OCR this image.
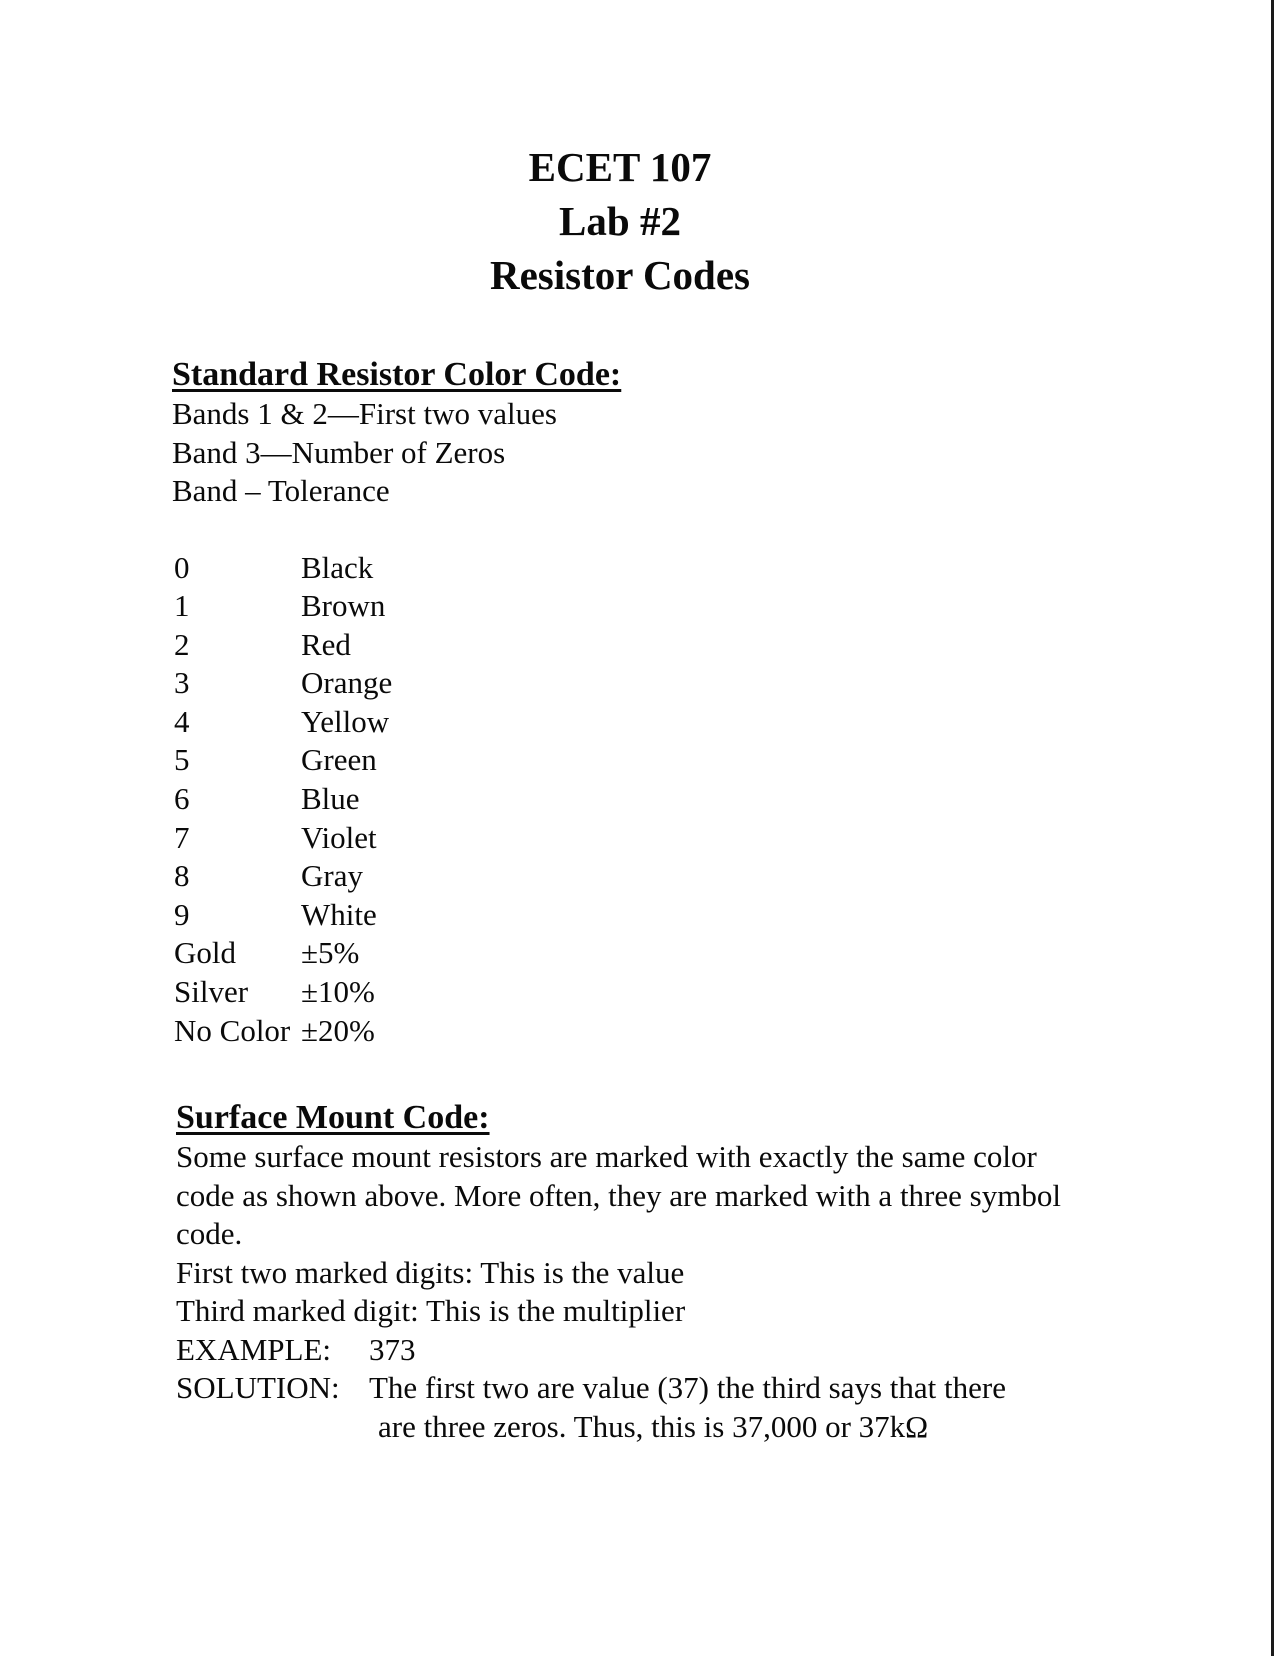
ECET 107
Lab #2
Resistor Codes
Standard Resistor Color Code:
Bands 1 & 2—First two values
Band 3—Number of Zeros
Band – Tolerance
0	Black
1	Brown
2	Red
3	Orange
4	Yellow
5	Green
6	Blue
7	Violet
8	Gray
9	White
Gold	±5%
Silver	±10%
No Color ±20%
Surface Mount Code:
Some surface mount resistors are marked with exactly the same color code as shown above. More often, they are marked with a three symbol code.
First two marked digits: This is the value
Third marked digit: This is the multiplier
EXAMPLE:	373
SOLUTION: The first two are value (37) the third says that there
are three zeros. Thus, this is 37,000 or 37kΩ
